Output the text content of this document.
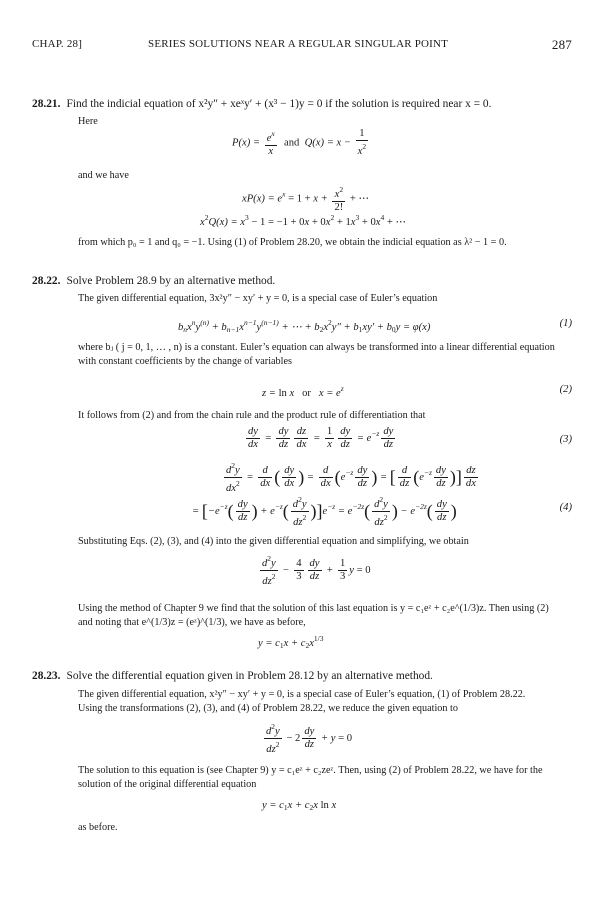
CHAP. 28]	SERIES SOLUTIONS NEAR A REGULAR SINGULAR POINT	287
28.21. Find the indicial equation of x²y″ + xeˣy′ + (x³ − 1)y = 0 if the solution is required near x = 0.
Here
$P(x) = \frac{e^x}{x}$ and  $Q(x) = x - \frac{1}{x^2}$
and we have
$xP(x) = e^x = 1 + x + \frac{x^2}{2!}$ + ⋯
$x^2Q(x) = x^3 - 1 = -1 + 0x + 0x^2 + 1x^3 + 0x^4$ + ⋯
from which p₀ = 1 and q₀ = −1. Using (1) of Problem 28.20, we obtain the indicial equation as λ² − 1 = 0.
28.22. Solve Problem 28.9 by an alternative method.
The given differential equation, 3x²y″ − xy′ + y = 0, is a special case of Euler’s equation
$bnx^ny^{(n)} + bn-1x^{n-1}y^{(n-1)}$ + ⋯ + $b2x^2y'' + b1xy' + b0y = \varphi(x)$	(1)
where bⱼ ( j = 0, 1, … , n) is a constant. Euler’s equation can always be transformed into a linear differential equation
with constant coefficients by the change of variables
z = ln x   or   $x = e^z$	(2)
It follows from (2) and from the chain rule and the product rule of differentiation that
$\frac{dy}{dx} = \frac{dy}{dz} \frac{dz}{dx} = \frac{1}{x} \frac{dy}{dz} = e^{-z} \frac{dy}{dz}$	(3)
$\frac{d^2y}{dx^2} = \frac{d}{dx}$ ( $\frac{dy}{dx}$ ) = $\frac{d}{dx} (e^{-z} \frac{dy}{dz}$ ) = [ $\frac{d}{dz} (e^{-z} \frac{dy}{dz}$ )] $\frac{dz}{dx}$
= [$-e^{-z}( \frac{dy}{dz}$ ) + $e^{-z}( \frac{d^2y}{dz^2} )]e^{-z} = e^{-2z}( \frac{d^2y}{dz^2}$ ) − $e^{-2z}( \frac{dy}{dz}$ )	(4)
Substituting Eqs. (2), (3), and (4) into the given differential equation and simplifying, we obtain
$\frac{d^2y}{dz^2} - \frac{4}{3} \frac{dy}{dz} + \frac{1}{3}$ y = 0
Using the method of Chapter 9 we find that the solution of this last equation is y = c₁eᶻ + c₂e^(1/3)z. Then using (2)
and noting that e^(1/3)z = (eᶻ)^(1/3), we have as before,
$y = c1x + c2x^{1/3}$
28.23. Solve the differential equation given in Problem 28.12 by an alternative method.
The given differential equation, x²y″ − xy′ + y = 0, is a special case of Euler’s equation, (1) of Problem 28.22.
Using the transformations (2), (3), and (4) of Problem 28.22, we reduce the given equation to
$\frac{d^2y}{dz^2} - 2 \frac{dy}{dz} + y = 0$
The solution to this equation is (see Chapter 9) y = c₁eᶻ + c₂zeᶻ. Then, using (2) of Problem 28.22, we have for the
solution of the original differential equation
y = c1x + c2x ln x
as before.
